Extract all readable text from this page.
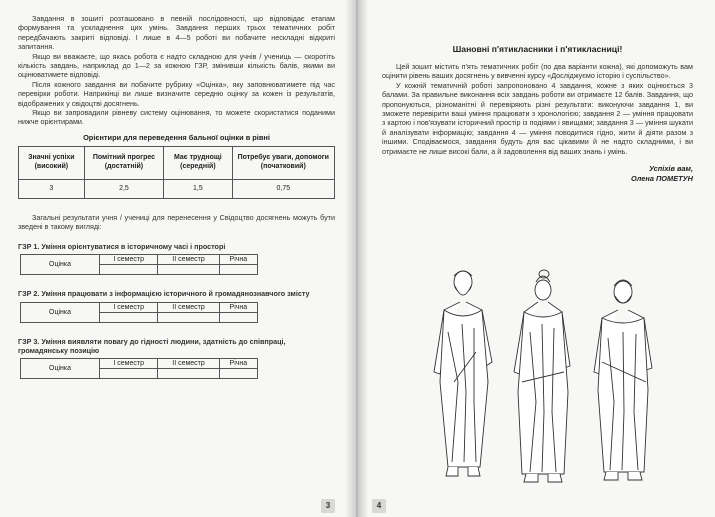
Завдання в зошиті розташовано в певній послідовності, що відповідає етапам формування та ускладнення цих умінь. Завдання перших трьох тематичних робіт передбачають закриті відповіді. І лише в 4—5 роботі ви побачите нескладні відкриті запитання.

Якщо ви вважаєте, що якась робота є надто складною для учнів / учениць — скоротіть кількість завдань, наприклад до 1—2 за кожною ГЗР, змінивши кількість балів, якими ви оцінюватимете відповіді.

Після кожного завдання ви побачите рубрику «Оцінка», яку заповнюватимете під час перевірки роботи. Наприкінці ви лише визначите середню оцінку за кожен із результатів, відображених у свідоцтві досягнень.

Якщо ви запровадили рівневу систему оцінювання, то можете скористатися поданими нижче орієнтирами.

Орієнтири для переведення бальної оцінки в рівні
Значні успіхи (високий)	Помітний прогрес (достатній)	Має труднощі (середній)	Потребує уваги, допомоги (початковий)
3	2,5	1,5	0,75

Загальні результати учня / учениці для перенесення у Свідоцтво досягнень можуть бути зведені в такому вигляді:

ГЗР 1. Уміння орієнтуватися в історичному часі і просторі
Оцінка	І семестр	ІІ семестр	Річна

ГЗР 2. Уміння працювати з інформацією історичного й громадянознавчого змісту
Оцінка	І семестр	ІІ семестр	Річна

ГЗР 3. Уміння виявляти повагу до гідності людини, здатність до співпраці, громадянську позицію
Оцінка	І семестр	ІІ семестр	Річна

3
Шановні п'ятикласники і п'ятикласниці!

Цей зошит містить п'ять тематичних робіт (по два варіанти кожна), які допоможуть вам оцінити рівень ваших досягнень у вивченні курсу «Досліджуємо історію і суспільство».

У кожній тематичній роботі запропоновано 4 завдання, кожне з яких оцінюється 3 балами. За правильне виконання всіх завдань роботи ви отримаєте 12 балів. Завдання, що пропонуються, різноманітні й перевіряють різні результати: виконуючи завдання 1, ви зможете перевірити ваші уміння працювати з хронологією; завдання 2 — уміння працювати з картою і пов'язувати історичний простір із подіями і явищами; завдання 3 — уміння шукати й аналізувати інформацію; завдання 4 — уміння поводитися гідно, жити й діяти разом з іншими. Сподіваємося, завдання будуть для вас цікавими й не надто складними, і ви отримаєте не лише високі бали, а й задоволення від ваших знань і умінь.

Успіхів вам,
Олена ПОМЕТУН
4
